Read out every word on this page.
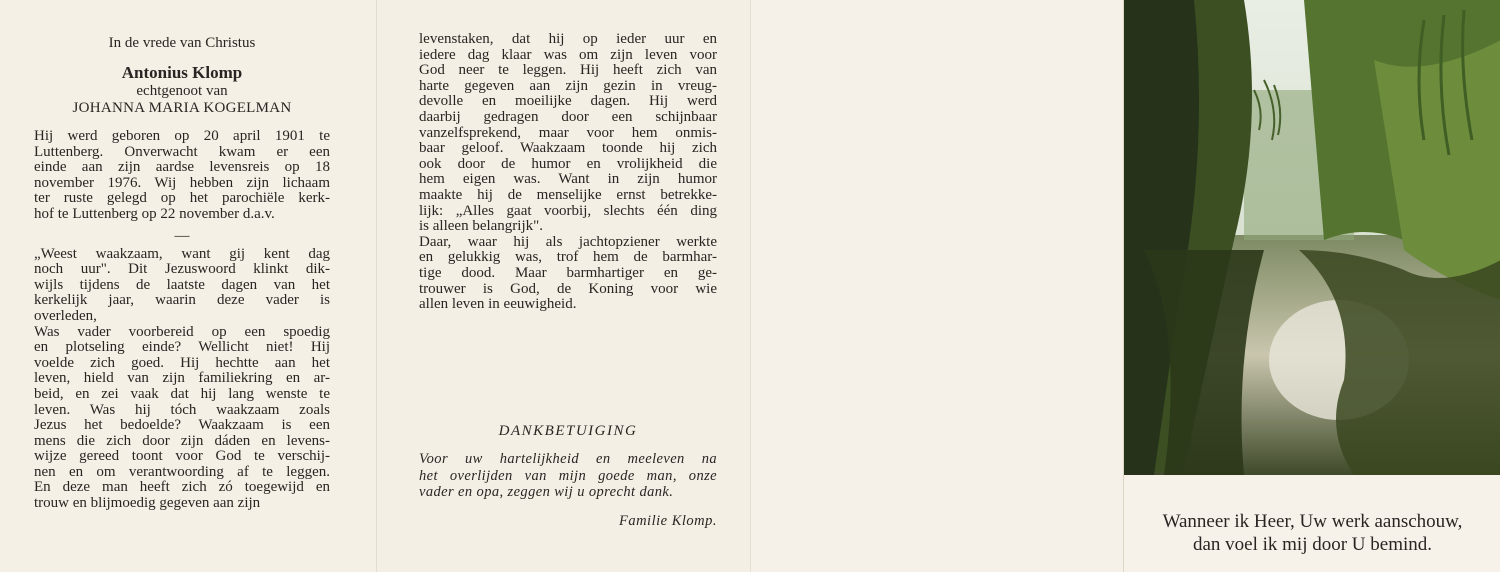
In de vrede van Christus
Antonius Klomp
echtgenoot van
JOHANNA MARIA KOGELMAN
Hij werd geboren op 20 april 1901 te
Luttenberg. Onverwacht kwam er een
einde aan zijn aardse levensreis op 18
november 1976. Wij hebben zijn lichaam
ter ruste gelegd op het parochiële kerk-
hof te Luttenberg op 22 november d.a.v.
—
„Weest waakzaam, want gij kent dag
noch uur". Dit Jezuswoord klinkt dik-
wijls tijdens de laatste dagen van het
kerkelijk jaar, waarin deze vader is
overleden,
Was vader voorbereid op een spoedig
en plotseling einde? Wellicht niet! Hij
voelde zich goed. Hij hechtte aan het
leven, hield van zijn familiekring en ar-
beid, en zei vaak dat hij lang wenste te
leven. Was hij tóch waakzaam zoals
Jezus het bedoelde? Waakzaam is een
mens die zich door zijn dáden en levens-
wijze gereed toont voor God te verschij-
nen en om verantwoording af te leggen.
En deze man heeft zich zó toegewijd en
trouw en blijmoedig gegeven aan zijn
levenstaken, dat hij op ieder uur en
iedere dag klaar was om zijn leven voor
God neer te leggen. Hij heeft zich van
harte gegeven aan zijn gezin in vreug-
devolle en moeilijke dagen. Hij werd
daarbij gedragen door een schijnbaar
vanzelfsprekend, maar voor hem onmis-
baar geloof. Waakzaam toonde hij zich
ook door de humor en vrolijkheid die
hem eigen was. Want in zijn humor
maakte hij de menselijke ernst betrekke-
lijk: „Alles gaat voorbij, slechts één ding
is alleen belangrijk".
Daar, waar hij als jachtopziener werkte
en gelukkig was, trof hem de barmhar-
tige dood. Maar barmhartiger en ge-
trouwer is God, de Koning voor wie
allen leven in eeuwigheid.
DANKBETUIGING
Voor uw hartelijkheid en meeleven na
het overlijden van mijn goede man, onze
vader en opa, zeggen wij u oprecht dank.
Familie Klomp.	Wanneer ik Heer, Uw werk aanschouw,
dan voel ik mij door U bemind.
